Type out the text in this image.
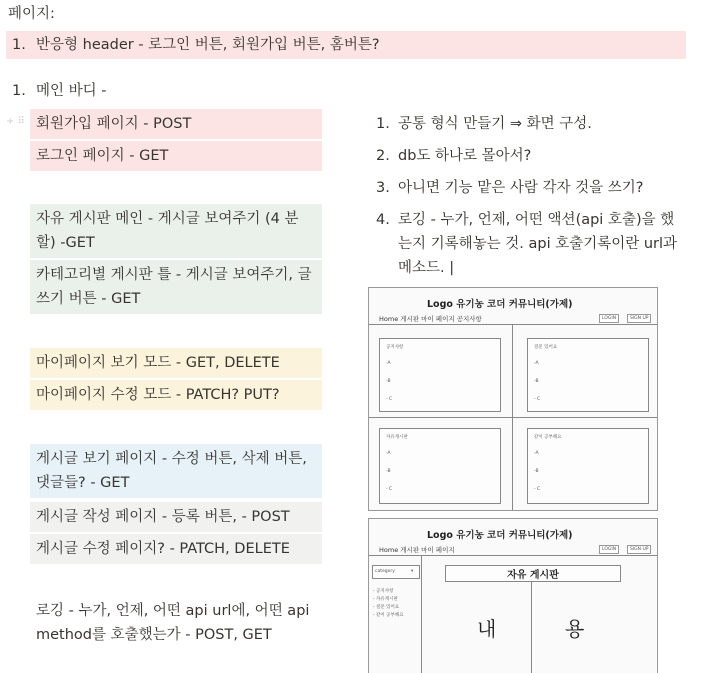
페이지:
1. 반응형 header - 로그인 버튼, 회원가입 버튼, 홈버튼?
1. 메인 바디 -
+ ⠿ 회원가입 페이지 - POST
로그인 페이지 - GET
자유 게시판 메인 - 게시글 보여주기 (4 분할) -GET
카테고리별 게시판 틀 - 게시글 보여주기, 글쓰기 버튼 - GET
마이페이지 보기 모드 - GET, DELETE
마이페이지 수정 모드 - PATCH? PUT?
게시글 보기 페이지 - 수정 버튼, 삭제 버튼, 댓글들? - GET
게시글 작성 페이지 - 등록 버튼, - POST
게시글 수정 페이지? - PATCH, DELETE
로깅 - 누가, 언제, 어떤 api url에, 어떤 api method를 호출했는가 - POST, GET
1. 공통 형식 만들기 ⇒ 화면 구성.
2. db도 하나로 몰아서?
3. 아니면 기능 맡은 사람 각자 것을 쓰기?
4. 로깅 - 누가, 언제, 어떤 액션(api 호출)을 했는지 기록해놓는 것. api 호출기록이란 url과 메소드. |
Logo 유기농 코더 커뮤니티(가제)
Home 게시판 마이 페이지 공지사항	LOGIN	SIGN UP
공지사항
-A
-B
- C
질문 있어요
-A
-B
- C
자유게시판
-A
-B
- C
같이 공부해요
-A
-B
- C
Logo 유기농 코더 커뮤니티(가제)
Home 게시판 마이 페이지	LOGIN	SIGN UP
category	▾
- 공지사항
- 자유게시판
- 질문 있어요
- 같이 공부해요
자유 게시판
내	용
